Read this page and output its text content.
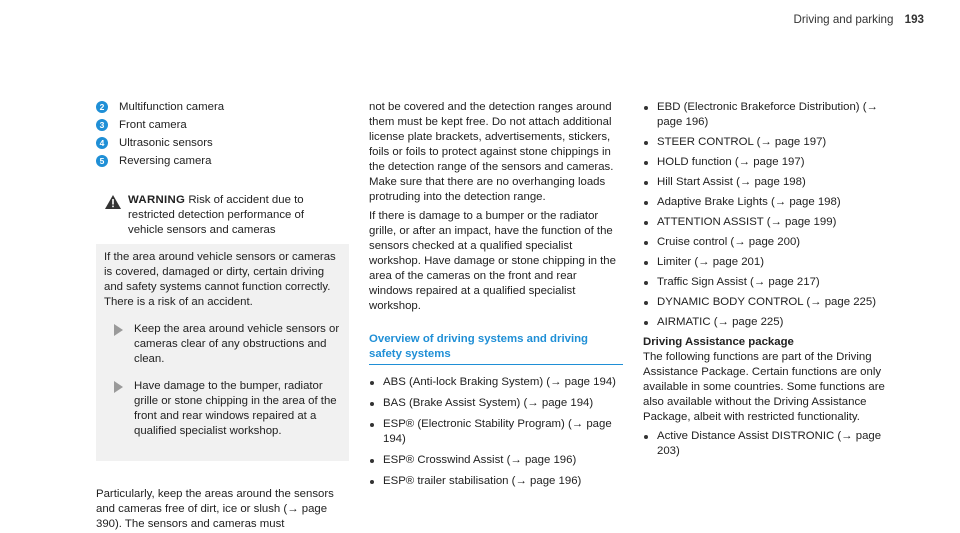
Driving and parking 193
2	Multifunction camera
3	Front camera
4	Ultrasonic sensors
5	Reversing camera
WARNING Risk of accident due to restricted detection performance of vehicle sensors and cameras

If the area around vehicle sensors or cameras is covered, damaged or dirty, certain driving and safety systems cannot function correctly. There is a risk of an accident.

Keep the area around vehicle sensors or cameras clear of any obstructions and clean.
Have damage to the bumper, radiator grille or stone chipping in the area of the front and rear windows repaired at a qualified specialist workshop.

Particularly, keep the areas around the sensors and cameras free of dirt, ice or slush (→ page 390). The sensors and cameras must

not be covered and the detection ranges around them must be kept free. Do not attach additional license plate brackets, advertisements, stickers, foils or foils to protect against stone chippings in the detection range of the sensors and cameras. Make sure that there are no overhanging loads protruding into the detection range.

If there is damage to a bumper or the radiator grille, or after an impact, have the function of the sensors checked at a qualified specialist workshop. Have damage or stone chipping in the area of the cameras on the front and rear windows repaired at a qualified specialist workshop.

Overview of driving systems and driving safety systems
ABS (Anti-lock Braking System) (→ page 194)
BAS (Brake Assist System) (→ page 194)
ESP® (Electronic Stability Program) (→ page 194)
ESP® Crosswind Assist (→ page 196)
ESP® trailer stabilisation (→ page 196)
EBD (Electronic Brakeforce Distribution) (→ page 196)
STEER CONTROL (→ page 197)
HOLD function (→ page 197)
Hill Start Assist (→ page 198)
Adaptive Brake Lights (→ page 198)
ATTENTION ASSIST (→ page 199)
Cruise control (→ page 200)
Limiter (→ page 201)
Traffic Sign Assist (→ page 217)
DYNAMIC BODY CONTROL (→ page 225)
AIRMATIC (→ page 225)
Driving Assistance package

The following functions are part of the Driving Assistance Package. Certain functions are only available in some countries. Some functions are also available without the Driving Assistance Package, albeit with restricted functionality.

Active Distance Assist DISTRONIC (→ page 203)
